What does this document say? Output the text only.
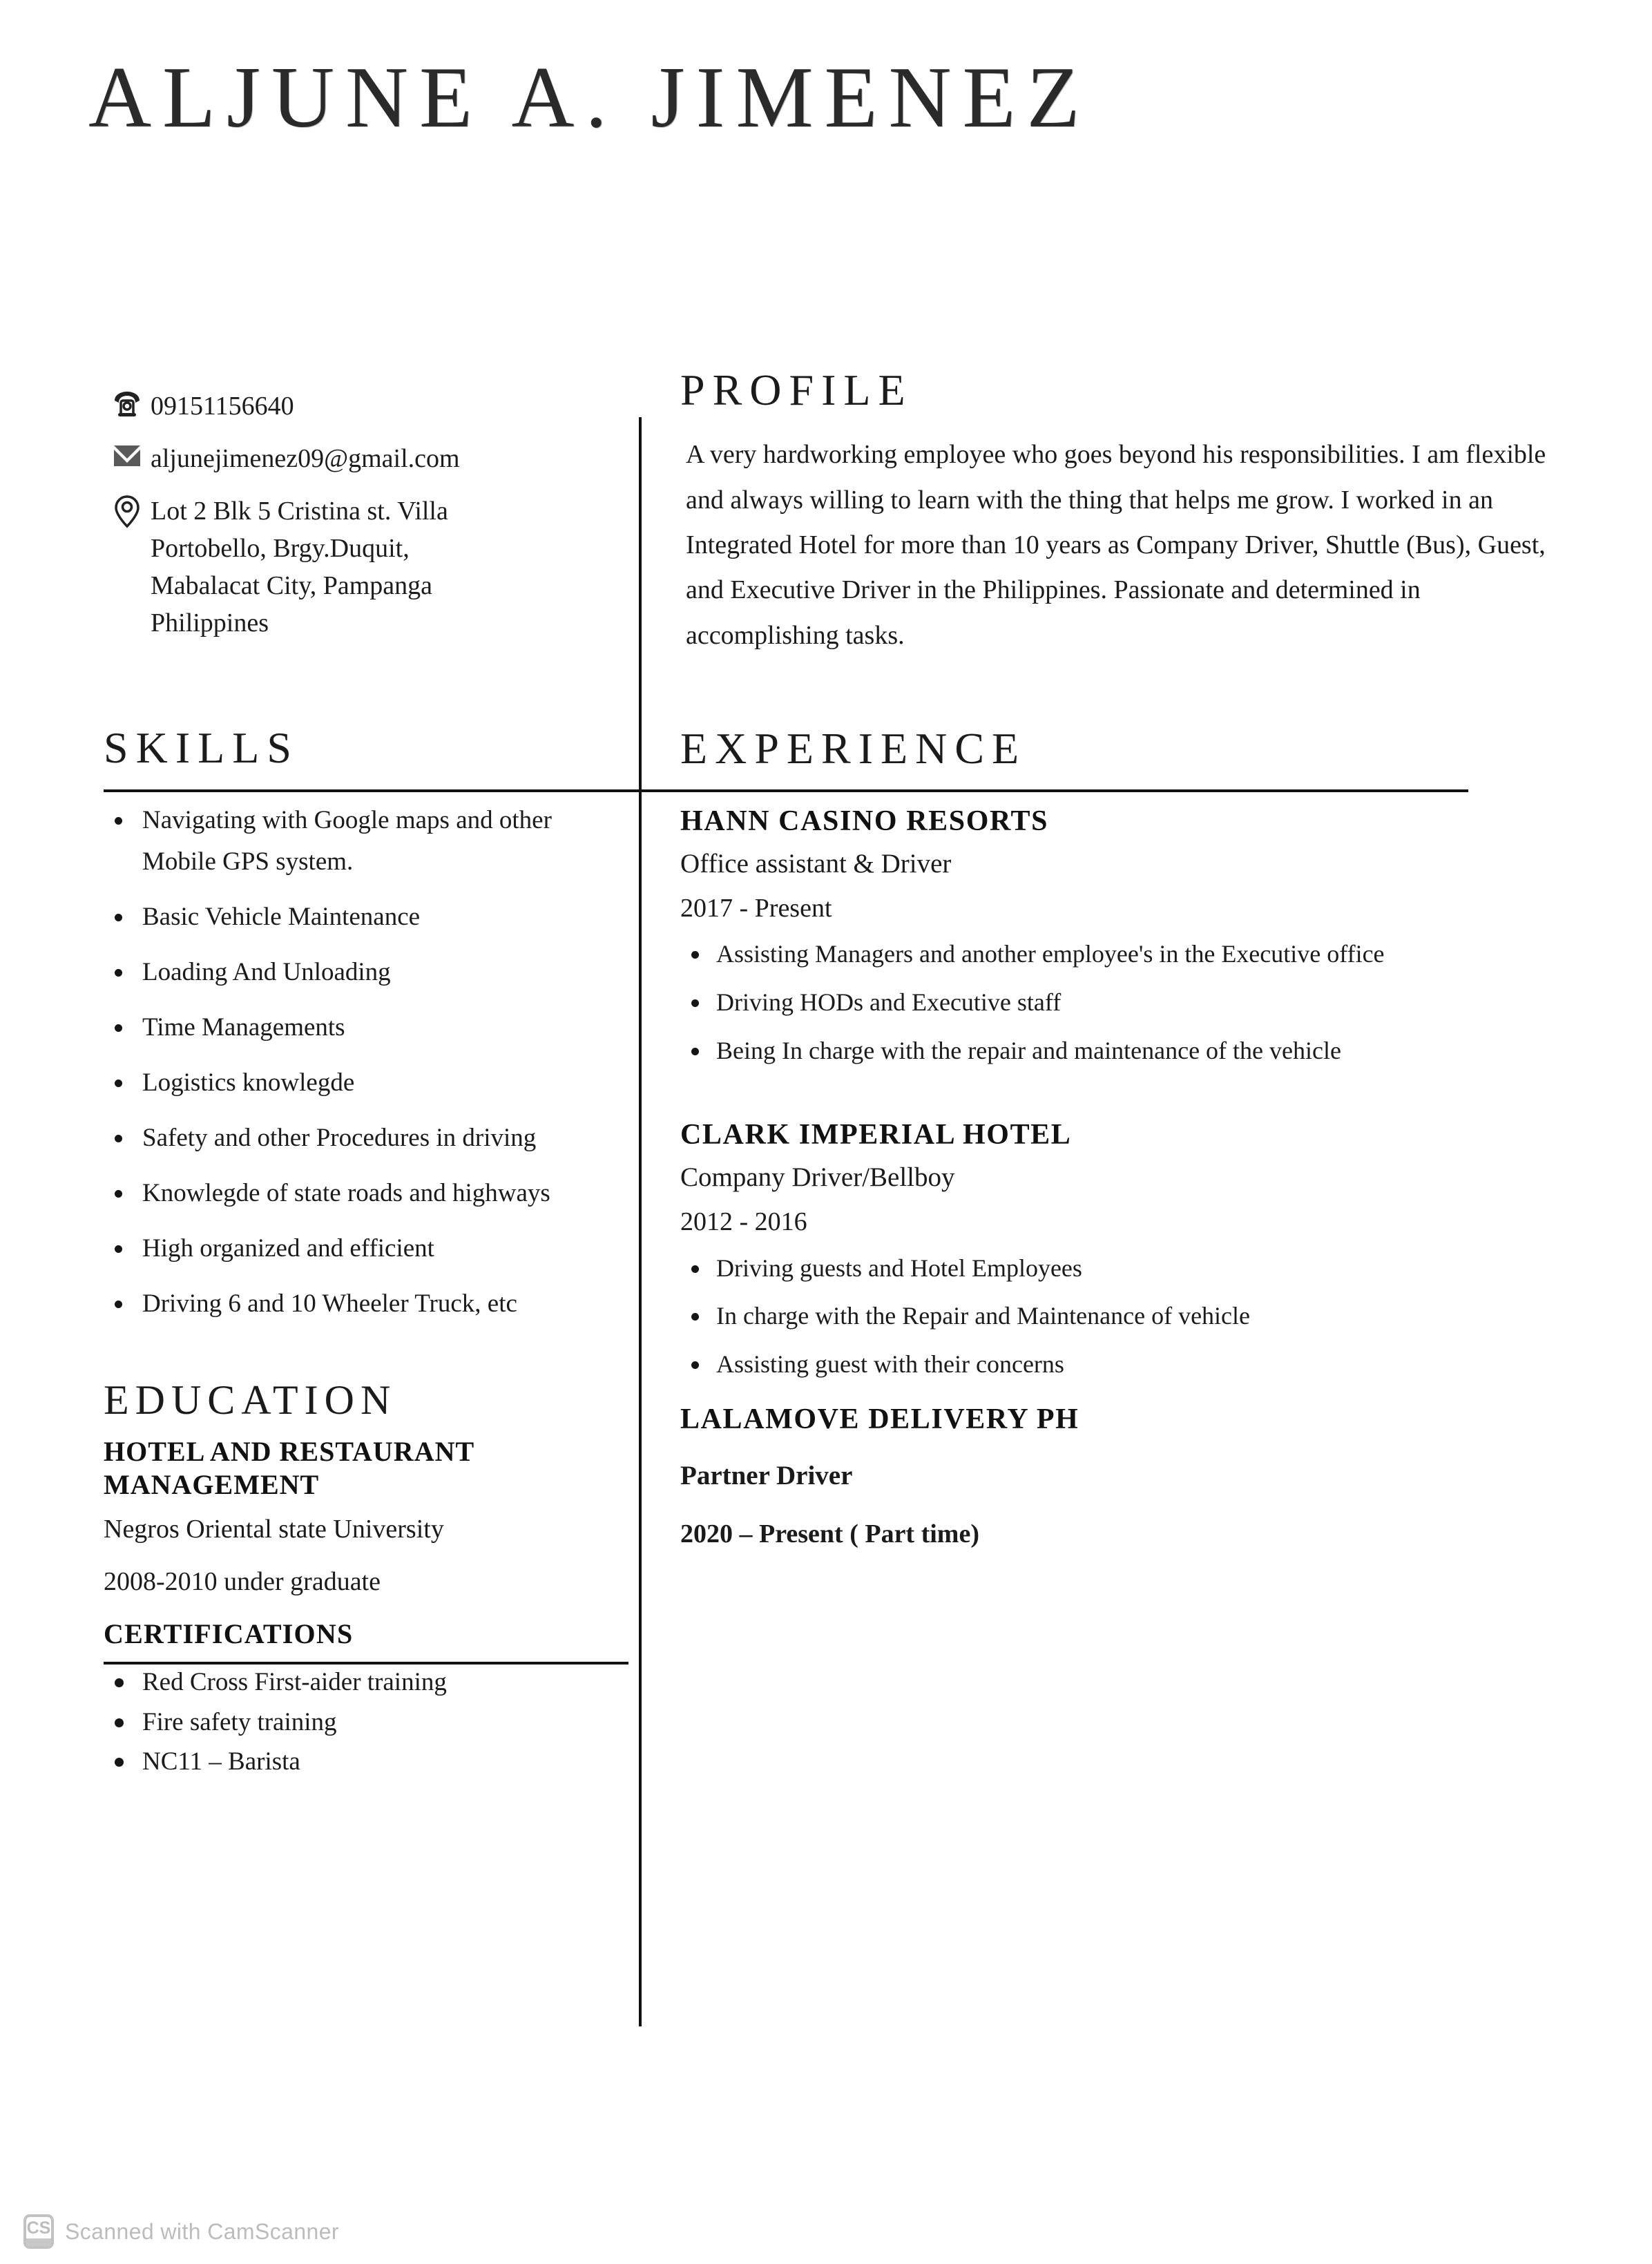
ALJUNE A. JIMENEZ
09151156640
aljunejimenez09@gmail.com
Lot 2 Blk 5 Cristina st. Villa
Portobello, Brgy.Duquit,
Mabalacat City, Pampanga
Philippines
SKILLS
Navigating with Google maps and other Mobile GPS system.
Basic Vehicle Maintenance
Loading And Unloading
Time Managements
Logistics knowlegde
Safety and other Procedures in driving
Knowlegde of state roads and highways
High organized and efficient
Driving 6 and 10 Wheeler Truck, etc
EDUCATION
HOTEL AND RESTAURANT MANAGEMENT
Negros Oriental state University
2008-2010 under graduate
CERTIFICATIONS
Red Cross First-aider training
Fire safety training
NC11 – Barista
PROFILE
A very hardworking employee who goes beyond his responsibilities. I am flexible and always willing to learn with the thing that helps me grow. I worked in an Integrated Hotel for more than 10 years as Company Driver, Shuttle (Bus), Guest, and Executive Driver in the Philippines. Passionate and determined in accomplishing tasks.
EXPERIENCE
HANN CASINO RESORTS
Office assistant & Driver
2017 - Present
Assisting Managers and another employee's in the Executive office
Driving HODs and Executive staff
Being In charge with the repair and maintenance of the vehicle
CLARK IMPERIAL HOTEL
Company Driver/Bellboy
2012 - 2016
Driving guests and Hotel Employees
In charge with the Repair and Maintenance of vehicle
Assisting guest with their concerns
LALAMOVE DELIVERY PH
Partner Driver
2020 – Present ( Part time)
CS Scanned with CamScanner
